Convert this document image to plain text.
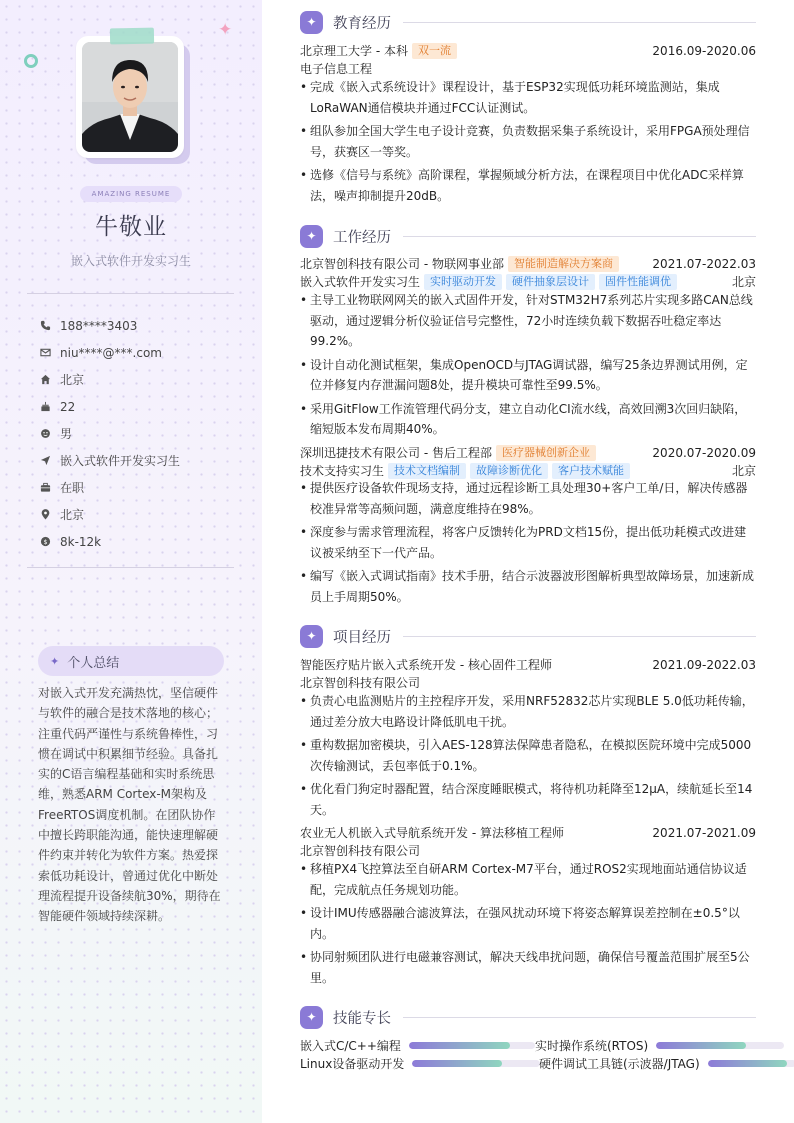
✦
AMAZING RESUME
牛敬业
嵌入式软件开发实习生
188****3403
niu****@***.com
北京
22
男
嵌入式软件开发实习生
在职
北京
$ 8k-12k
✦ 个人总结
对嵌入式开发充满热忱，坚信硬件与软件的融合是技术落地的核心；注重代码严谨性与系统鲁棒性，习惯在调试中积累细节经验。具备扎实的C语言编程基础和实时系统思维，熟悉ARM Cortex-M架构及FreeRTOS调度机制。在团队协作中擅长跨职能沟通，能快速理解硬件约束并转化为软件方案。热爱探索低功耗设计，曾通过优化中断处理流程提升设备续航30%，期待在智能硬件领域持续深耕。
✦	教育经历
北京理工大学 - 本科 双一流	2016.09-2020.06
电子信息工程
• 完成《嵌入式系统设计》课程设计，基于ESP32实现低功耗环境监测站，集成LoRaWAN通信模块并通过FCC认证测试。
• 组队参加全国大学生电子设计竞赛，负责数据采集子系统设计，采用FPGA预处理信号，获赛区一等奖。
• 选修《信号与系统》高阶课程，掌握频域分析方法，在课程项目中优化ADC采样算法，噪声抑制提升20dB。
✦	工作经历
北京智创科技有限公司 - 物联网事业部 智能制造解决方案商	2021.07-2022.03
嵌入式软件开发实习生 实时驱动开发	硬件抽象层设计	固件性能调优	北京
• 主导工业物联网网关的嵌入式固件开发，针对STM32H7系列芯片实现多路CAN总线驱动，通过逻辑分析仪验证信号完整性，72小时连续负载下数据吞吐稳定率达99.2%。
• 设计自动化测试框架，集成OpenOCD与JTAG调试器，编写25条边界测试用例，定位并修复内存泄漏问题8处，提升模块可靠性至99.5%。
• 采用GitFlow工作流管理代码分支，建立自动化CI流水线，高效回溯3次回归缺陷，缩短版本发布周期40%。
深圳迅捷技术有限公司 - 售后工程部 医疗器械创新企业	2020.07-2020.09
技术支持实习生 技术文档编制	故障诊断优化	客户技术赋能	北京
• 提供医疗设备软件现场支持，通过远程诊断工具处理30+客户工单/日，解决传感器校准异常等高频问题，满意度维持在98%。
• 深度参与需求管理流程，将客户反馈转化为PRD文档15份，提出低功耗模式改进建议被采纳至下一代产品。
• 编写《嵌入式调试指南》技术手册，结合示波器波形图解析典型故障场景，加速新成员上手周期50%。
✦	项目经历
智能医疗贴片嵌入式系统开发 - 核心固件工程师	2021.09-2022.03
北京智创科技有限公司
• 负责心电监测贴片的主控程序开发，采用NRF52832芯片实现BLE 5.0低功耗传输，通过差分放大电路设计降低肌电干扰。
• 重构数据加密模块，引入AES-128算法保障患者隐私，在模拟医院环境中完成5000次传输测试，丢包率低于0.1%。
• 优化看门狗定时器配置，结合深度睡眠模式，将待机功耗降至12μA，续航延长至14天。
农业无人机嵌入式导航系统开发 - 算法移植工程师	2021.07-2021.09
北京智创科技有限公司
• 移植PX4飞控算法至自研ARM Cortex-M7平台，通过ROS2实现地面站通信协议适配，完成航点任务规划功能。
• 设计IMU传感器融合滤波算法，在强风扰动环境下将姿态解算误差控制在±0.5°以内。
• 协同射频团队进行电磁兼容测试，解决天线串扰问题，确保信号覆盖范围扩展至5公里。
✦	技能专长
嵌入式C/C++编程	实时操作系统(RTOS)
Linux设备驱动开发	硬件调试工具链(示波器/JTAG)
